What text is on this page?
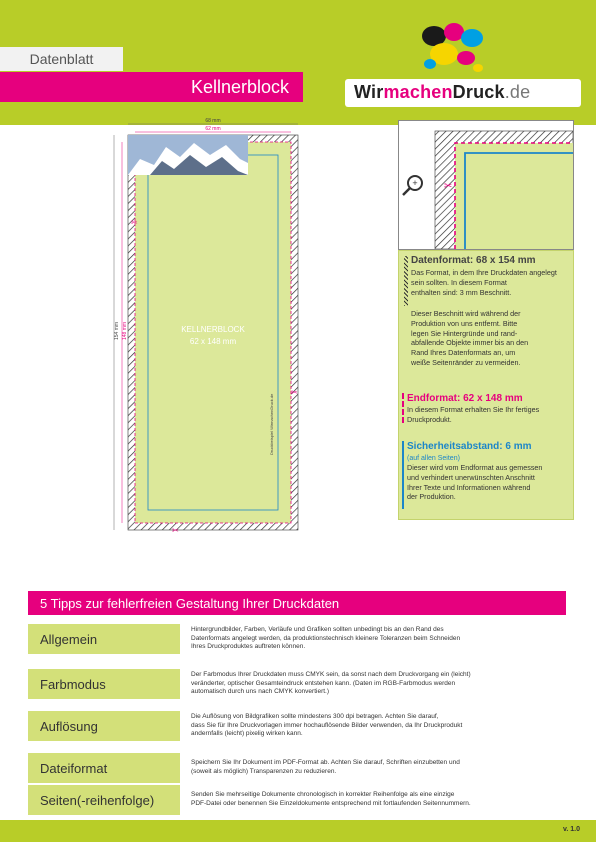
Datenblatt
Kellnerblock	WirmachenDruck.de
68 mm
62 mm
154 mm 148 mm
✂
✂
✂
KELLNERBLOCK
62 x 148 mm
Druckbeispiel WirmachenDruck.de
+	✂
Datenformat: 68 x 154 mm
Das Format, in dem Ihre Druckdaten angelegt
sein sollten. In diesem Format
enthalten sind: 3 mm Beschnitt.
Dieser Beschnitt wird während der
Produktion von uns entfernt. Bitte
legen Sie Hintergründe und rand-
abfallende Objekte immer bis an den
Rand Ihres Datenformats an, um
weiße Seitenränder zu vermeiden.
Endformat: 62 x 148 mm
In diesem Format erhalten Sie Ihr fertiges
Druckprodukt.
Sicherheitsabstand: 6 mm
(auf allen Seiten)
Dieser wird vom Endformat aus gemessen
und verhindert unerwünschten Anschnitt
Ihrer Texte und Informationen während
der Produktion.
5 Tipps zur fehlerfreien Gestaltung Ihrer Druckdaten
Allgemein
Hintergrundbilder, Farben, Verläufe und Grafiken sollten unbedingt bis an den Rand des
Datenformats angelegt werden, da produktionstechnisch kleinere Toleranzen beim Schneiden
Ihres Druckproduktes auftreten können.
Farbmodus
Der Farbmodus Ihrer Druckdaten muss CMYK sein, da sonst nach dem Druckvorgang ein (leicht)
veränderter, optischer Gesamteindruck entstehen kann. (Daten im RGB-Farbmodus werden
automatisch durch uns nach CMYK konvertiert.)
Auflösung
Die Auflösung von Bildgrafiken sollte mindestens 300 dpi betragen. Achten Sie darauf,
dass Sie für Ihre Druckvorlagen immer hochauflösende Bilder verwenden, da Ihr Druckprodukt
andernfalls (leicht) pixelig wirken kann.
Dateiformat	Speichern Sie Ihr Dokument im PDF-Format ab. Achten Sie darauf, Schriften einzubetten und
(soweit als möglich) Transparenzen zu reduzieren.
Seiten(-reihenfolge)	Senden Sie mehrseitige Dokumente chronologisch in korrekter Reihenfolge als eine einzige
PDF-Datei oder benennen Sie Einzeldokumente entsprechend mit fortlaufenden Seitennummern.
v. 1.0
